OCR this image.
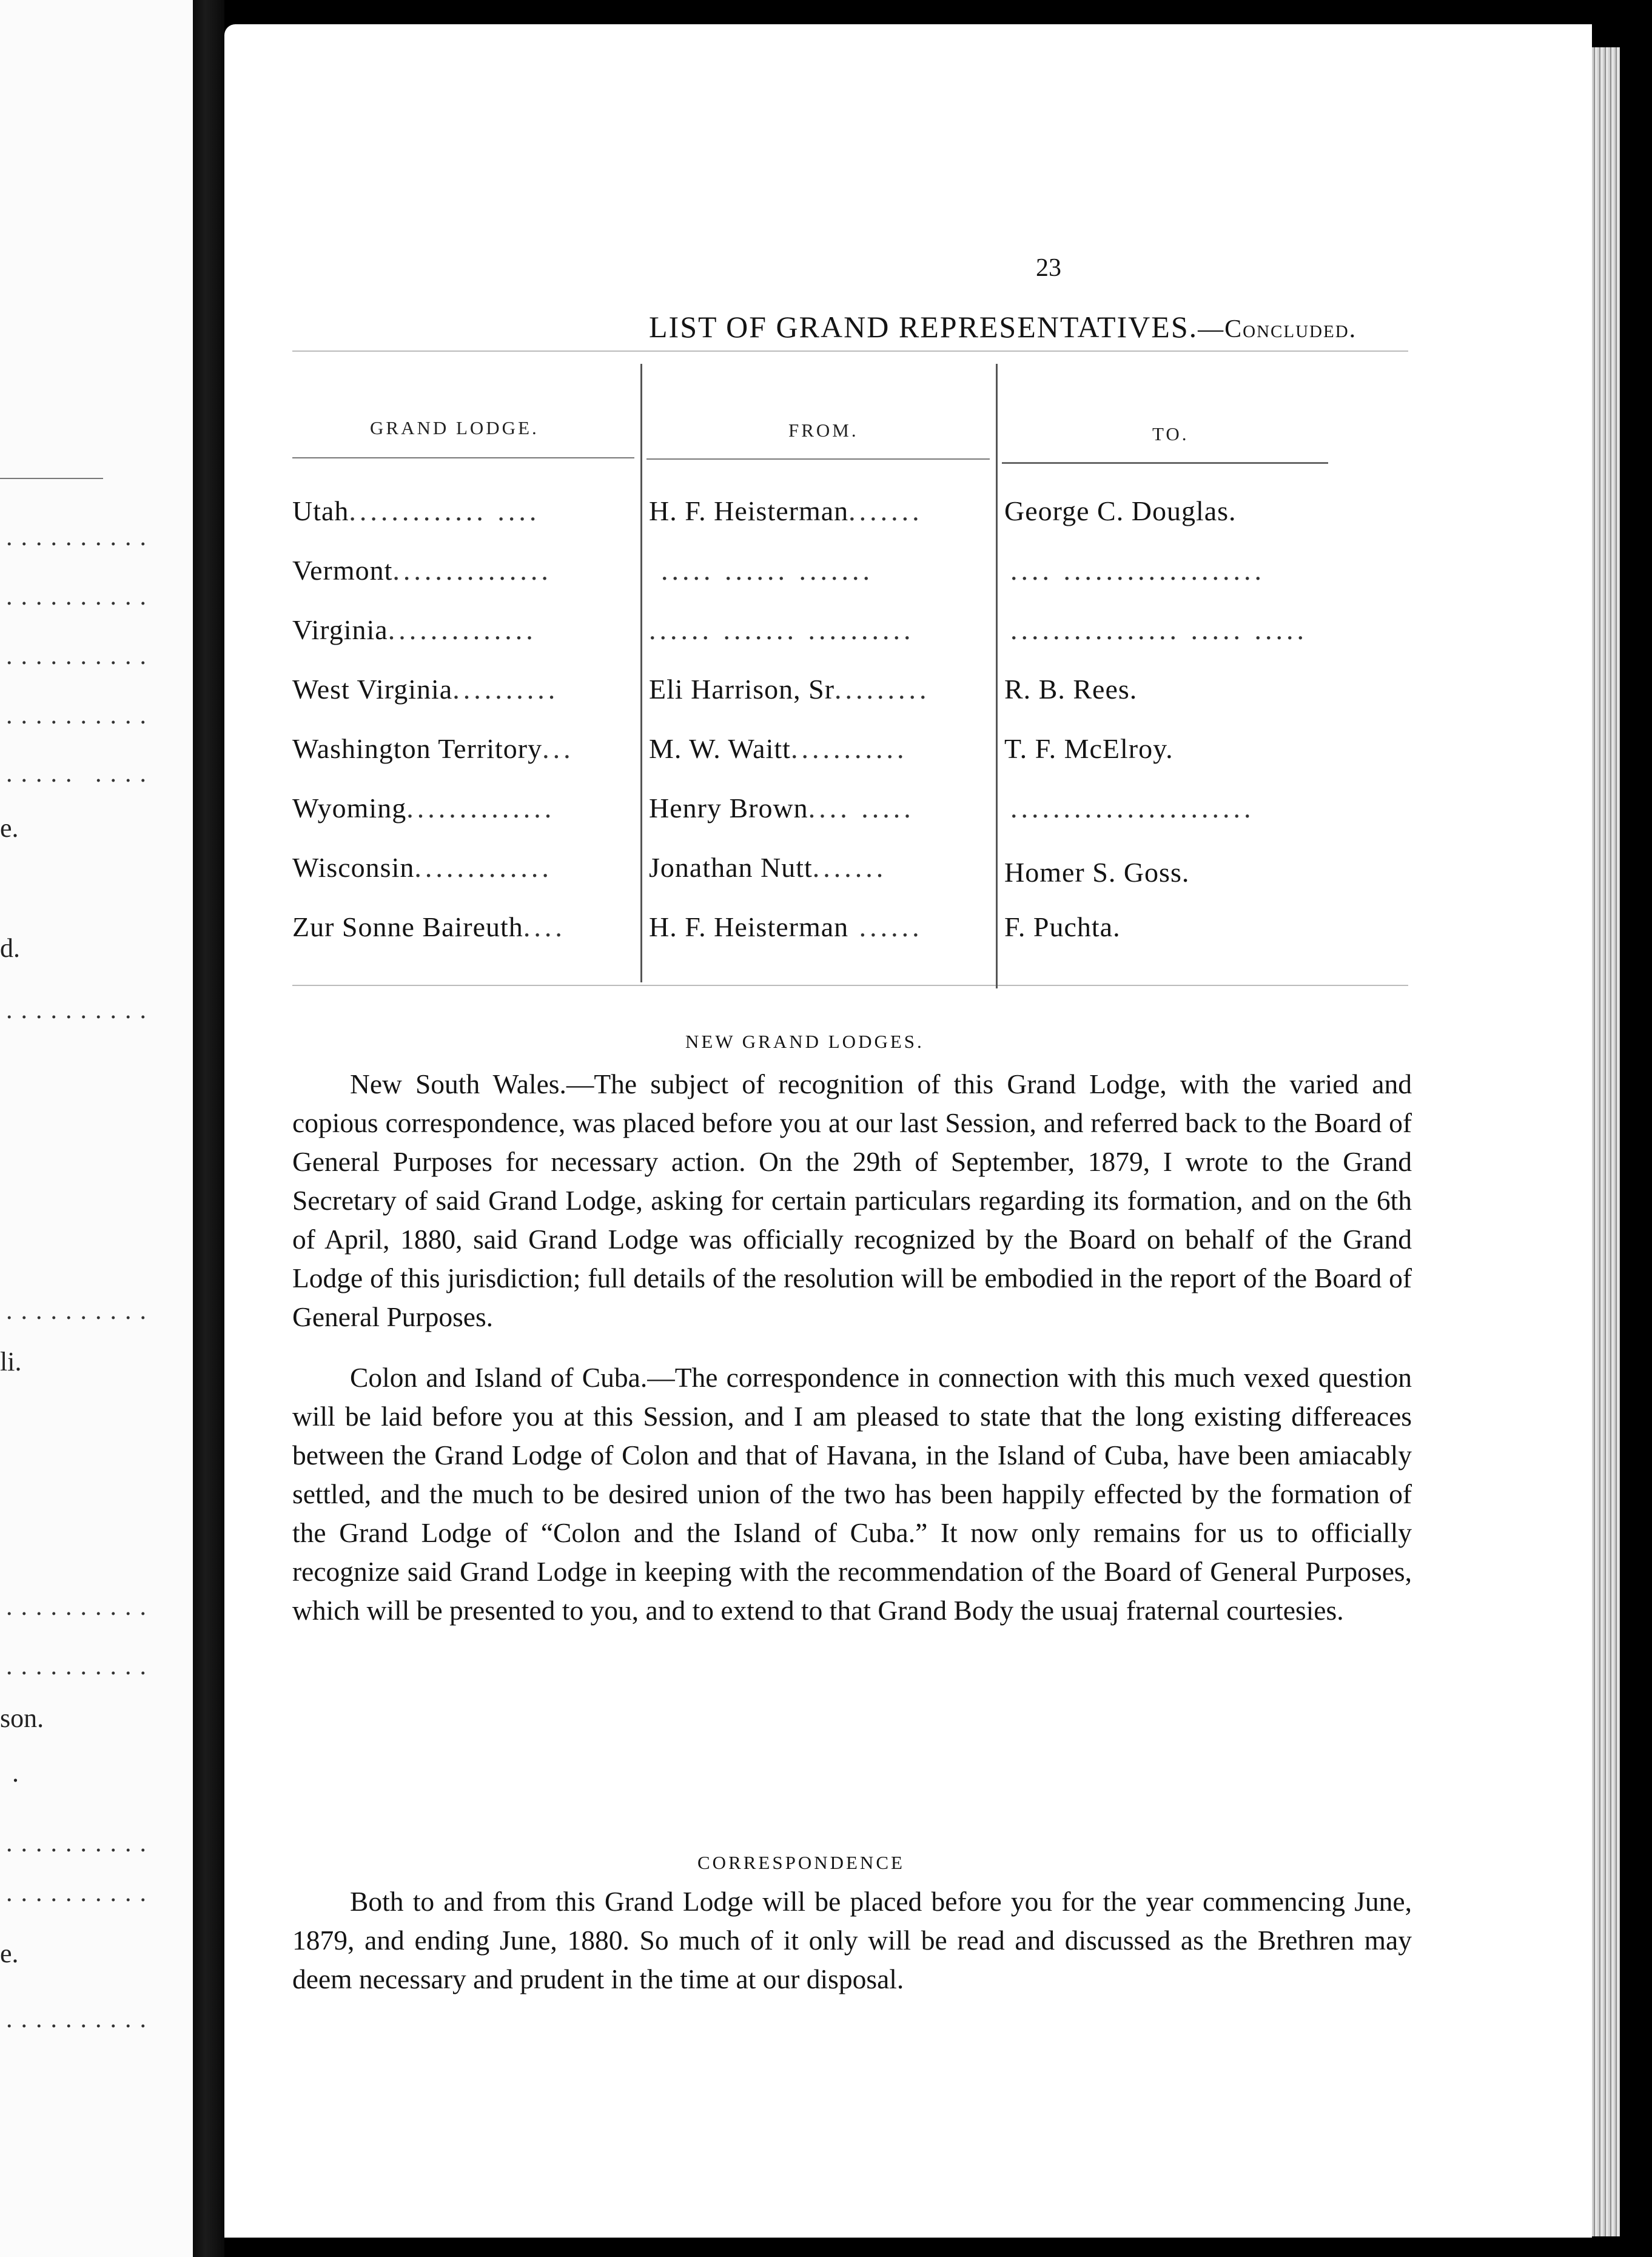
..........
..........
..........
..........
..... ....
e.
d.
..........
..........
li.
..........
..........
son.
.
..........
..........
e.
..........
23
LIST OF GRAND REPRESENTATIVES.—Concluded.
GRAND LODGE.	FROM.	TO.
Utah............. ....	H. F. Heisterman.......	George C. Douglas.
Vermont...............	..... ...... .......	.... ...................
Virginia..............	...... ....... ..........	................ ..... .....
West Virginia..........	Eli Harrison, Sr.........	R. B. Rees.
Washington Territory...	M. W. Waitt...........	T. F. McElroy.
Wyoming..............	Henry Brown.... .....	.......................
Wisconsin.............	Jonathan Nutt.......	Homer S. Goss.
Zur Sonne Baireuth....	H. F. Heisterman ......	F. Puchta.
NEW GRAND LODGES.

New South Wales.—The subject of recognition of this Grand Lodge, with the varied and copious correspondence, was placed before you at our last Session, and referred back to the Board of General Purposes for necessary action. On the 29th of September, 1879, I wrote to the Grand Secretary of said Grand Lodge, asking for certain particulars regarding its formation, and on the 6th of April, 1880, said Grand Lodge was officially recognized by the Board on behalf of the Grand Lodge of this jurisdiction; full details of the resolution will be embodied in the report of the Board of General Purposes.

Colon and Island of Cuba.—The correspondence in connection with this much vexed question will be laid before you at this Session, and I am pleased to state that the long existing differeaces between the Grand Lodge of Colon and that of Havana, in the Island of Cuba, have been amiacably settled, and the much to be desired union of the two has been happily effected by the formation of the Grand Lodge of “Colon and the Island of Cuba.” It now only remains for us to officially recognize said Grand Lodge in keeping with the recommendation of the Board of General Purposes, which will be presented to you, and to extend to that Grand Body the usuaj fraternal courtesies.

CORRESPONDENCE

Both to and from this Grand Lodge will be placed before you for the year commencing June, 1879, and ending June, 1880. So much of it only will be read and discussed as the Brethren may deem necessary and prudent in the time at our disposal.
